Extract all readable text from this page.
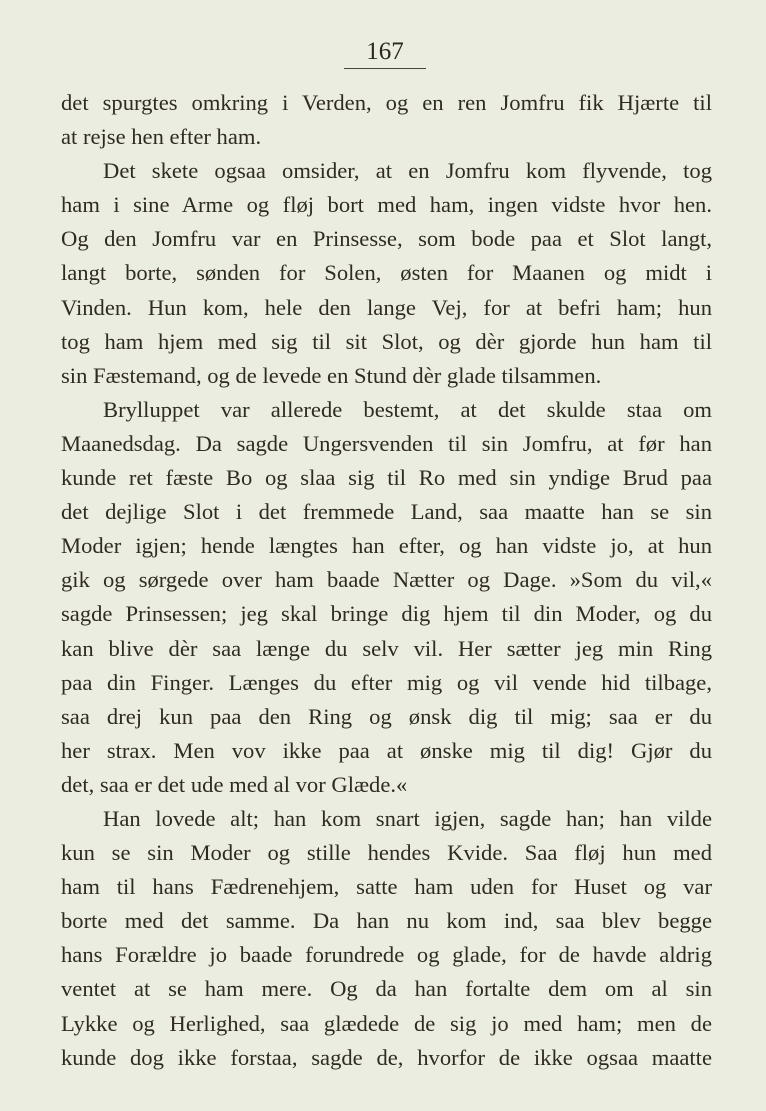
167
det spurgtes omkring i Verden, og en ren Jomfru fik Hjærte til
at rejse hen efter ham.
Det skete ogsaa omsider, at en Jomfru kom flyvende, tog
ham i sine Arme og fløj bort med ham, ingen vidste hvor hen.
Og den Jomfru var en Prinsesse, som bode paa et Slot langt,
langt borte, sønden for Solen, østen for Maanen og midt i
Vinden. Hun kom, hele den lange Vej, for at befri ham; hun
tog ham hjem med sig til sit Slot, og dèr gjorde hun ham til
sin Fæstemand, og de levede en Stund dèr glade tilsammen.
Brylluppet var allerede bestemt, at det skulde staa om
Maanedsdag. Da sagde Ungersvenden til sin Jomfru, at før han
kunde ret fæste Bo og slaa sig til Ro med sin yndige Brud paa
det dejlige Slot i det fremmede Land, saa maatte han se sin
Moder igjen; hende længtes han efter, og han vidste jo, at hun
gik og sørgede over ham baade Nætter og Dage. »Som du vil,«
sagde Prinsessen; jeg skal bringe dig hjem til din Moder, og du
kan blive dèr saa længe du selv vil. Her sætter jeg min Ring
paa din Finger. Længes du efter mig og vil vende hid tilbage,
saa drej kun paa den Ring og ønsk dig til mig; saa er du
her strax. Men vov ikke paa at ønske mig til dig! Gjør du
det, saa er det ude med al vor Glæde.«
Han lovede alt; han kom snart igjen, sagde han; han vilde
kun se sin Moder og stille hendes Kvide. Saa fløj hun med
ham til hans Fædrenehjem, satte ham uden for Huset og var
borte med det samme. Da han nu kom ind, saa blev begge
hans Forældre jo baade forundrede og glade, for de havde aldrig
ventet at se ham mere. Og da han fortalte dem om al sin
Lykke og Herlighed, saa glædede de sig jo med ham; men de
kunde dog ikke forstaa, sagde de, hvorfor de ikke ogsaa maatte
